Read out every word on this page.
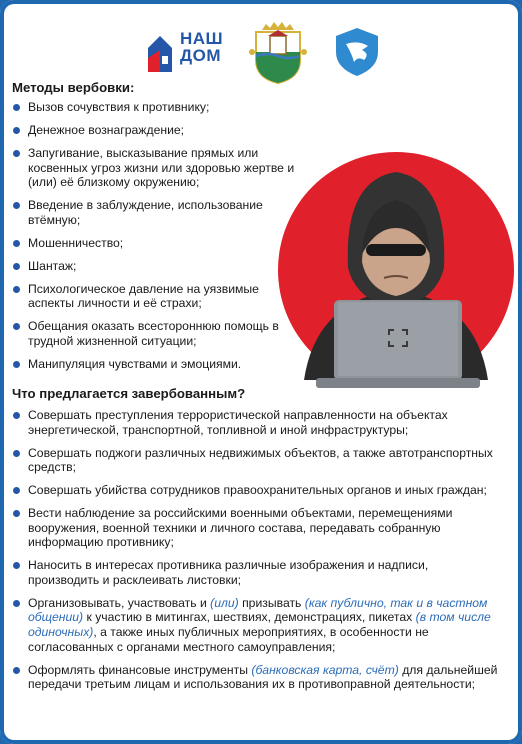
НАШ
ДОМ
Методы вербовки:
Вызов сочувствия к противнику;
Денежное вознаграждение;
Запугивание, высказывание прямых или косвенных угроз жизни или здоровью жертве и (или) её близкому окружению;
Введение в заблуждение, использование втёмную;
Мошенничество;
Шантаж;
Психологическое давление на уязвимые аспекты личности и её страхи;
Обещания оказать всестороннюю помощь в трудной жизненной ситуации;
Манипуляция чувствами и эмоциями.
Что предлагается завербованным?
Совершать преступления террористической направленности на объектах энергетической, транспортной, топливной и иной инфраструктуры;
Совершать поджоги различных недвижимых объектов, а также автотранспортных средств;
Совершать убийства сотрудников правоохранительных органов и иных граждан;
Вести наблюдение за российскими военными объектами, перемещениями вооружения, военной техники и личного состава, передавать собранную информацию противнику;
Наносить в интересах противника различные изображения и надписи, производить и расклеивать листовки;
Организовывать, участвовать и (или) призывать (как публично, так и в частном общении) к участию в митингах, шествиях, демонстрациях, пикетах (в том числе одиночных), а также иных публичных мероприятиях, в особенности не согласованных с органами местного самоуправления;
Оформлять финансовые инструменты (банковская карта, счёт) для дальнейшей передачи третьим лицам и использования их в противоправной деятельности;
